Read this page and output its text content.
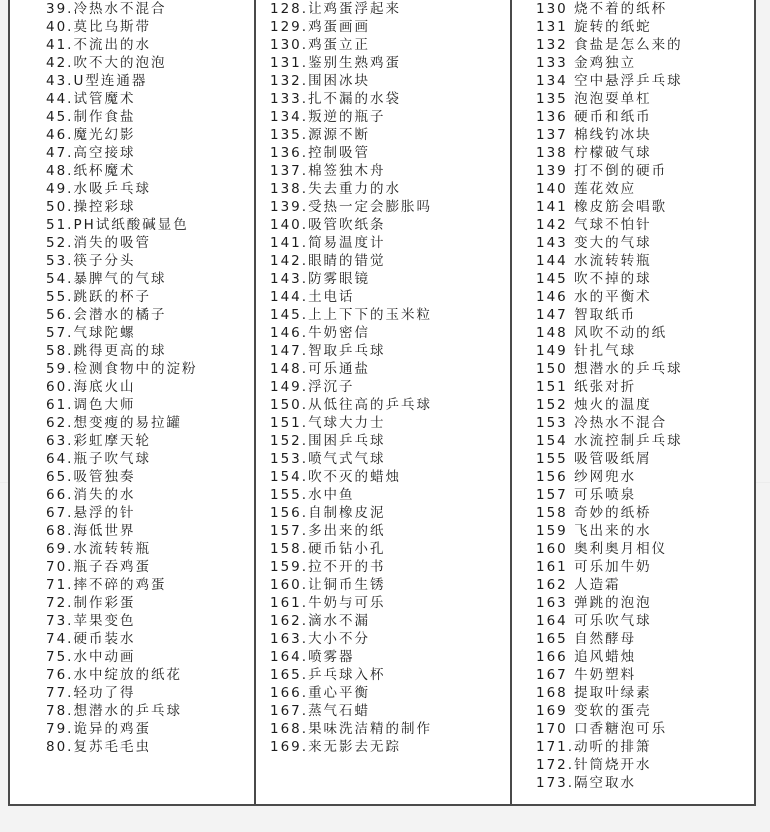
39.冷热水不混合
40.莫比乌斯带
41.不流出的水
42.吹不大的泡泡
43.U型连通器
44.试管魔术
45.制作食盐
46.魔光幻影
47.高空接球
48.纸杯魔术
49.水吸乒乓球
50.操控彩球
51.PH试纸酸碱显色
52.消失的吸管
53.筷子分头
54.暴脾气的气球
55.跳跃的杯子
56.会潜水的橘子
57.气球陀螺
58.跳得更高的球
59.检测食物中的淀粉
60.海底火山
61.调色大师
62.想变瘦的易拉罐
63.彩虹摩天轮
64.瓶子吹气球
65.吸管独奏
66.消失的水
67.悬浮的针
68.海低世界
69.水流转转瓶
70.瓶子吞鸡蛋
71.摔不碎的鸡蛋
72.制作彩蛋
73.苹果变色
74.硬币装水
75.水中动画
76.水中绽放的纸花
77.轻功了得
78.想潜水的乒乓球
79.诡异的鸡蛋
80.复苏毛毛虫
128.让鸡蛋浮起来
129.鸡蛋画画
130.鸡蛋立正
131.鉴别生熟鸡蛋
132.围困冰块
133.扎不漏的水袋
134.叛逆的瓶子
135.源源不断
136.控制吸管
137.棉签独木舟
138.失去重力的水
139.受热一定会膨胀吗
140.吸管吹纸条
141.简易温度计
142.眼睛的错觉
143.防雾眼镜
144.土电话
145.上上下下的玉米粒
146.牛奶密信
147.智取乒乓球
148.可乐通盐
149.浮沉子
150.从低往高的乒乓球
151.气球大力士
152.围困乒乓球
153.喷气式气球
154.吹不灭的蜡烛
155.水中鱼
156.自制橡皮泥
157.多出来的纸
158.硬币钻小孔
159.拉不开的书
160.让铜币生锈
161.牛奶与可乐
162.滴水不漏
163.大小不分
164.喷雾器
165.乒乓球入杯
166.重心平衡
167.蒸气石蜡
168.果味洗洁精的制作
169.来无影去无踪
130 烧不着的纸杯
131 旋转的纸蛇
132 食盐是怎么来的
133 金鸡独立
134 空中悬浮乒乓球
135 泡泡耍单杠
136 硬币和纸币
137 棉线钓冰块
138 柠檬破气球
139 打不倒的硬币
140 莲花效应
141 橡皮筋会唱歌
142 气球不怕针
143 变大的气球
144 水流转转瓶
145 吹不掉的球
146 水的平衡术
147 智取纸币
148 风吹不动的纸
149 针扎气球
150 想潜水的乒乓球
151 纸张对折
152 烛火的温度
153 冷热水不混合
154 水流控制乒乓球
155 吸管吸纸屑
156 纱网兜水
157 可乐喷泉
158 奇妙的纸桥
159 飞出来的水
160 奥利奥月相仪
161 可乐加牛奶
162 人造霜
163 弹跳的泡泡
164 可乐吹气球
165 自然酵母
166 追风蜡烛
167 牛奶塑料
168 提取叶绿素
169 变软的蛋壳
170 口香糖泡可乐
171.动听的排箫
172.针筒烧开水
173.隔空取水
